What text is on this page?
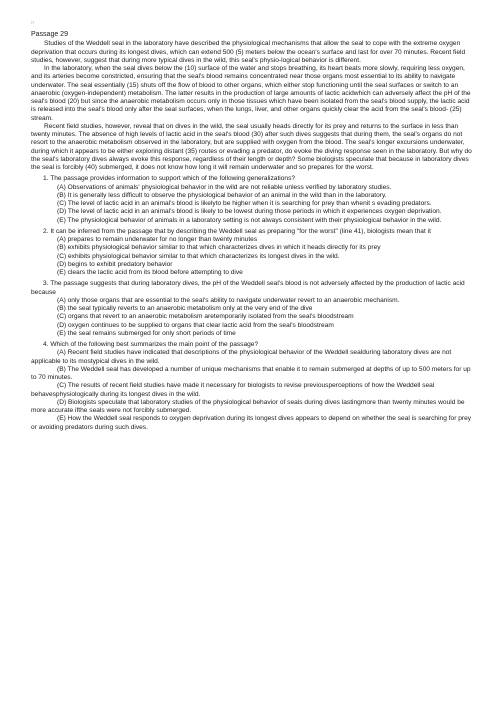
□
Passage 29

Studies of the Weddell seal in the laboratory have described the physiological mechanisms that allow the seal to cope with the extreme oxygen deprivation that occurs during its longest dives, which can extend 500 (5) meters below the ocean's surface and last for over 70 minutes. Recent field studies, however, suggest that during more typical dives in the wild, this seal's physio-logical behavior is different.

In the laboratory, when the seal dives below the (10) surface of the water and stops breathing, its heart beats more slowly, requiring less oxygen, and its arteries become constricted, ensuring that the seal's blood remains concentrated near those organs most essential to its ability to navigate underwater. The seal essentially (15) shuts off the flow of blood to other organs, which either stop functioning until the seal surfaces or switch to an anaerobic (oxygen-independent) metabolism. The latter results in the production of large amounts of lactic acidwhich can adversely affect the pH of the seal's blood (20) but since the anaerobic metabolism occurs only in those tissues which have been isolated from the seal's blood supply, the lactic acid is released into the seal's blood only after the seal surfaces, when the lungs, liver, and other organs quickly clear the acid from the seal's blood- (25) stream.

Recent field studies, however, reveal that on dives in the wild, the seal usually heads directly for its prey and returns to the surface in less than twenty minutes. The absence of high levels of lactic acid in the seal's blood (30) after such dives suggests that during them, the seal's organs do not resort to the anaerobic metabolism observed in the laboratory, but are supplied with oxygen from the blood. The seal's longer excursions underwater, during which it appears to be either exploring distant (35) routes or evading a predator, do evoke the diving response seen in the laboratory. But why do the seal's laboratory dives always evoke this response, regardless of their length or depth? Some biologists speculate that because in laboratory dives the seal is forcibly (40) submerged, it does not know how long it will remain underwater and so prepares for the worst.

1. The passage provides information to support which of the following generalizations?

(A) Observations of animals' physiological behavior in the wild are not reliable unless verified by laboratory studies.

(B) It is generally less difficult to observe the physiological behavior of an animal in the wild than in the laboratory.

(C) The level of lactic acid in an animal's blood is likelyto be higher when it is searching for prey than whenit s evading predators.

(D) The level of lactic acid in an animal's blood is likely to be lowest during those periods in which it experiences oxygen deprivation.

(E) The physiological behavior of animals in a laboratory setting is not always consistent with their physiological behavior in the wild.

2. It can be inferred from the passage that by describing the Weddell seal as preparing "for the worst" (line 41), biologists mean that it

(A) prepares to remain underwater for no longer than twenty minutes

(B) exhibits physiological behavior similar to that which characterizes dives in which it heads directly for its prey

(C) exhibits physiological behavior similar to that which characterizes its longest dives in the wild.

(D) begins to exhibit predatory behavior

(E) clears the lactic acid from its blood before attempting to dive

3. The passage suggests that during laboratory dives, the pH of the Weddell seal's blood is not adversely affected by the production of lactic acid because

(A) only those organs that are essential to the seal's ability to navigate underwater revert to an anaerobic mechanism.

(B) the seal typically reverts to an anaerobic metabolism only at the very end of the dive

(C) organs that revert to an anaerobic metabolism aretemporarily isolated from the seal's bloodstream

(D) oxygen continues to be supplied to organs that clear lactic acid from the seal's bloodstream

(E) the seal remains submerged for only short periods of time

4. Which of the following best summarizes the main point of the passage?

(A) Recent field studies have indicated that descriptions of the physiological behavior of the Weddell sealduring laboratory dives are not applicable to its mostypical dives in the wild.

(B) The Weddell seal has developed a number of unique mechanisms that enable it to remain submerged at depths of up to 500 meters for up to 70 minutes.

(C) The results of recent field studies have made it necessary for biologists to revise previousperceptions of how the Weddell seal behavesphysiologically during its longest dives in the wild.

(D) Biologists speculate that laboratory studies of the physiological behavior of seals during dives lastingmore than twenty minutes would be more accurate ifthe seals were not forcibly submerged.

(E) How the Weddell seal responds to oxygen deprivation during its longest dives appears to depend on whether the seal is searching for prey or avoiding predators during such dives.
